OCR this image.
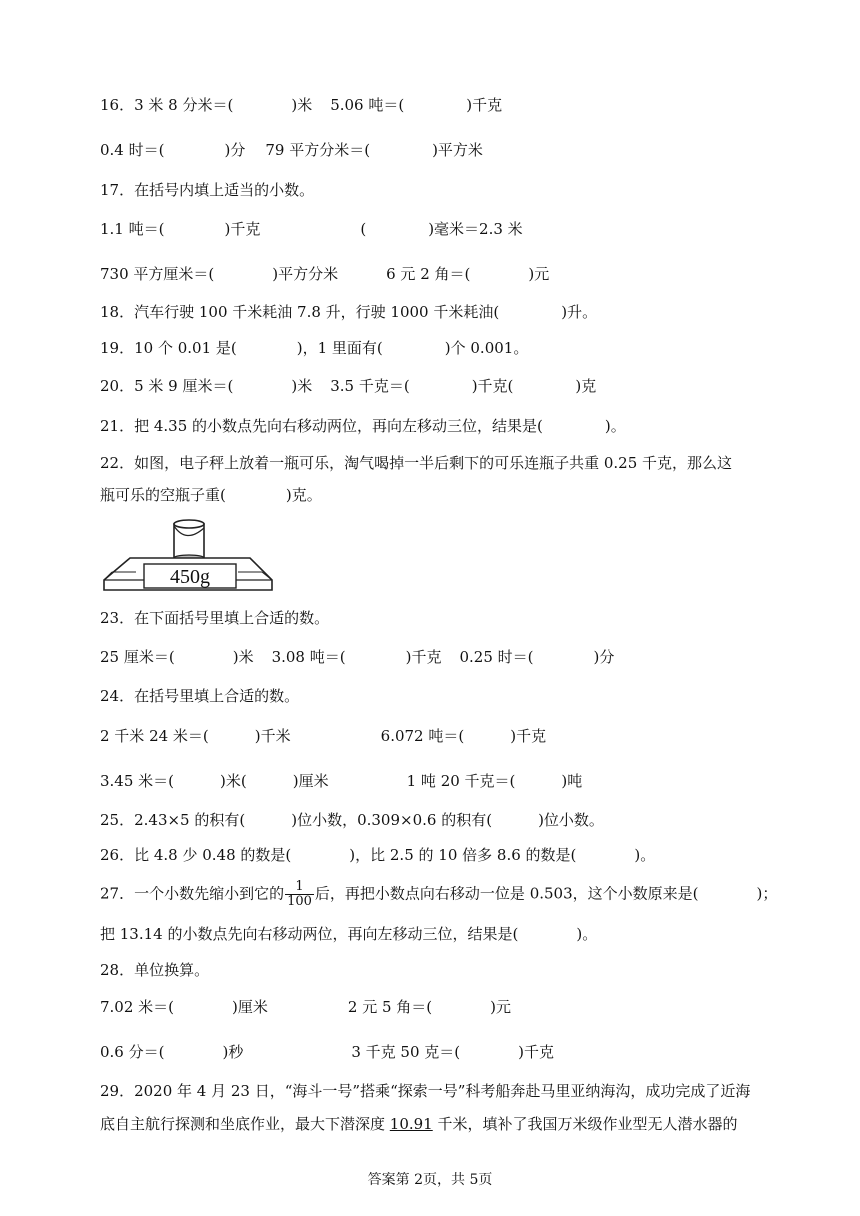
16．3 米 8 分米＝(	)米 5.06 吨＝(	)千克
0.4 时＝(	)分 79 平方分米＝(	)平方米
17．在括号内填上适当的小数。
1.1 吨＝(	)千克	(	)毫米＝2.3 米
730 平方厘米＝(	)平方分米	6 元 2 角＝(	)元
18．汽车行驶 100 千米耗油 7.8 升，行驶 1000 千米耗油(	)升。
19．10 个 0.01 是(	)，1 里面有(	)个 0.001。
20．5 米 9 厘米＝(	)米 3.5 千克＝(	)千克(	)克
21．把 4.35 的小数点先向右移动两位，再向左移动三位，结果是(	)。
22．如图，电子秤上放着一瓶可乐，淘气喝掉一半后剩下的可乐连瓶子共重 0.25 千克，那么这
瓶可乐的空瓶子重(	)克。
450g
23．在下面括号里填上合适的数。
25 厘米＝(	)米 3.08 吨＝(	)千克 0.25 时＝(	)分
24．在括号里填上合适的数。
2 千米 24 米＝(	)千米	6.072 吨＝(	)千克
3.45 米＝(	)米(	)厘米	1 吨 20 千克＝(	)吨
25．2.43×5 的积有(	)位小数，0.309×0.6 的积有(	)位小数。
26．比 4.8 少 0.48 的数是(	)，比 2.5 的 10 倍多 8.6 的数是(	)。
27．一个小数先缩小到它的 $\frac{1}{100}$ 后，再把小数点向右移动一位是 0.503，这个小数原来是(	)；
把 13.14 的小数点先向右移动两位，再向左移动三位，结果是(	)。
28．单位换算。
7.02 米＝(	)厘米	2 元 5 角＝(	)元
0.6 分＝(	)秒	3 千克 50 克＝(	)千克
29．2020 年 4 月 23 日，“海斗一号”搭乘“探索一号”科考船奔赴马里亚纳海沟，成功完成了近海
底自主航行探测和坐底作业，最大下潜深度 10.91 千米，填补了我国万米级作业型无人潜水器的
答案第 2页，共 5页
